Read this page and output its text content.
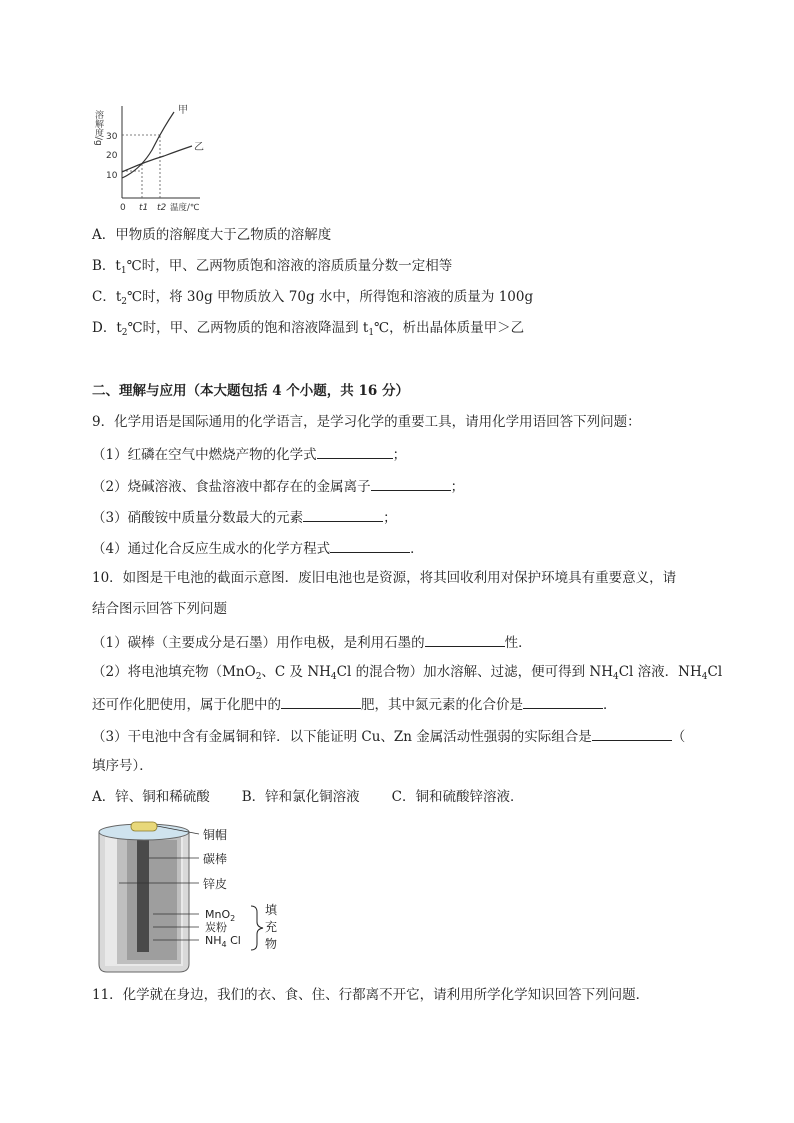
溶解度/g 30
20
10
0 t1 t2 温度/℃
甲
乙
A．甲物质的溶解度大于乙物质的溶解度
B．$t_1℃$时，甲、乙两物质饱和溶液的溶质质量分数一定相等
C．$t_2℃$时，将 30g 甲物质放入 70g 水中，所得饱和溶液的质量为 100g
D．$t_2℃$时，甲、乙两物质的饱和溶液降温到 $t_1℃$，析出晶体质量甲＞乙
二、理解与应用（本大题包括 4 个小题，共 16 分）
9．化学用语是国际通用的化学语言，是学习化学的重要工具，请用化学用语回答下列问题：
（1）红磷在空气中燃烧产物的化学式	；
（2）烧碱溶液、食盐溶液中都存在的金属离子	；
（3）硝酸铵中质量分数最大的元素	；
（4）通过化合反应生成水的化学方程式	．
10．如图是干电池的截面示意图．废旧电池也是资源，将其回收利用对保护环境具有重要意义，请
结合图示回答下列问题
（1）碳棒（主要成分是石墨）用作电极，是利用石墨的	性．
（2）将电池填充物（MnO$_2$、C 及 $NH_4Cl$ 的混合物）加水溶解、过滤，便可得到 $NH_4Cl$ 溶液．$NH_4Cl$
还可作化肥使用，属于化肥中的	肥，其中氮元素的化合价是	．
（3）干电池中含有金属铜和锌．以下能证明 Cu、Zn 金属活动性强弱的实际组合是	（
填序号）．
A．锌、铜和稀硫酸 B．锌和氯化铜溶液 C．铜和硫酸锌溶液．
铜帽
碳棒
锌皮
MnO$_2$
炭粉
$NH_4$ Cl
填
充
物
11．化学就在身边，我们的衣、食、住、行都离不开它，请利用所学化学知识回答下列问题．
